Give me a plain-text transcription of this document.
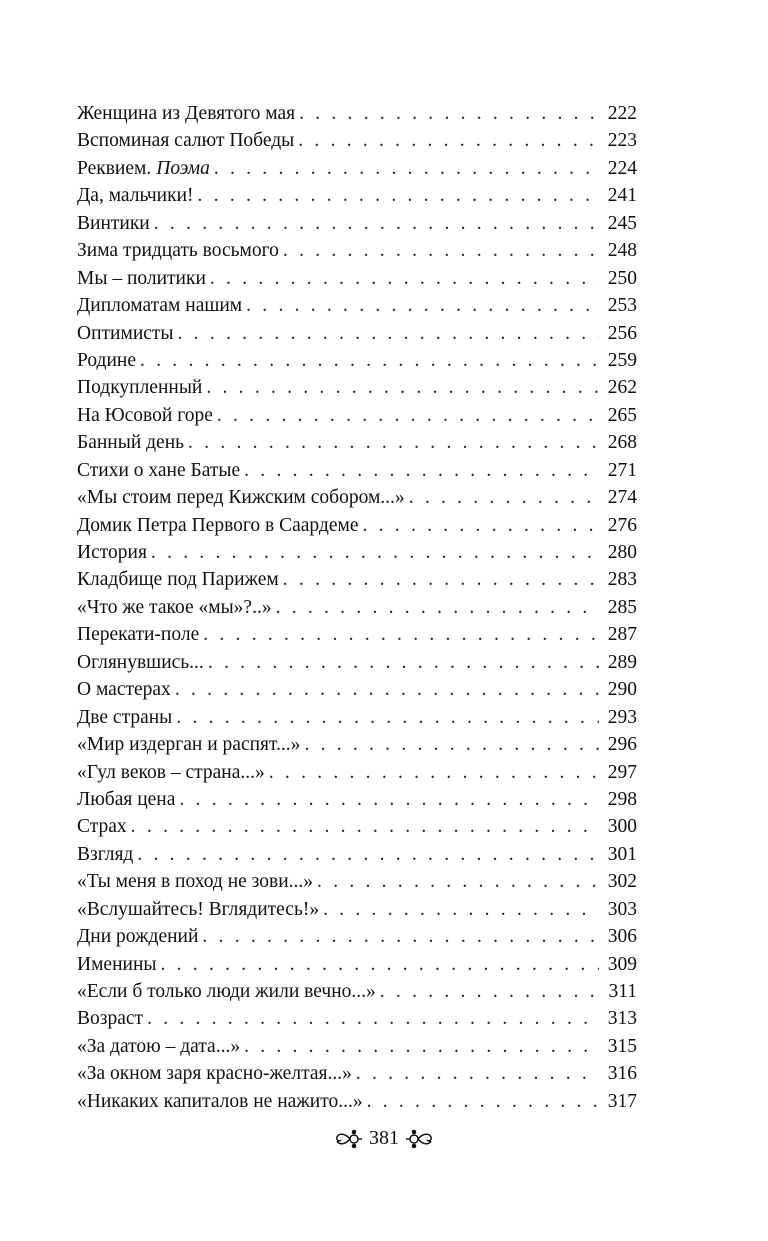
Женщина из Девятого мая . . .	222
Вспоминая салют Победы . . .	223
Реквием. Поэма . . .	224
Да, мальчики! . . .	241
Винтики . . .	245
Зима тридцать восьмого . . .	248
Мы – политики . . .	250
Дипломатам нашим . . .	253
Оптимисты . . .	256
Родине . . .	259
Подкупленный . . .	262
На Юсовой горе . . .	265
Банный день . . .	268
Стихи о хане Батые . . .	271
«Мы стоим перед Кижским собором...» . . .	274
Домик Петра Первого в Саардеме . . .	276
История . . .	280
Кладбище под Парижем . . .	283
«Что же такое «мы»?..» . . .	285
Перекати-поле . . .	287
Оглянувшись... . . .	289
О мастерах . . .	290
Две страны . . .	293
«Мир издерган и распят...» . . .	296
«Гул веков – страна...» . . .	297
Любая цена . . .	298
Страх . . .	300
Взгляд . . .	301
«Ты меня в поход не зови...» . . .	302
«Вслушайтесь! Вглядитесь!» . . .	303
Дни рождений . . .	306
Именины . . .	309
«Если б только люди жили вечно...» . . .	311
Возраст . . .	313
«За датою – дата...» . . .	315
«За окном заря красно-желтая...» . . .	316
«Никаких капиталов не нажито...» . . .	317
381
